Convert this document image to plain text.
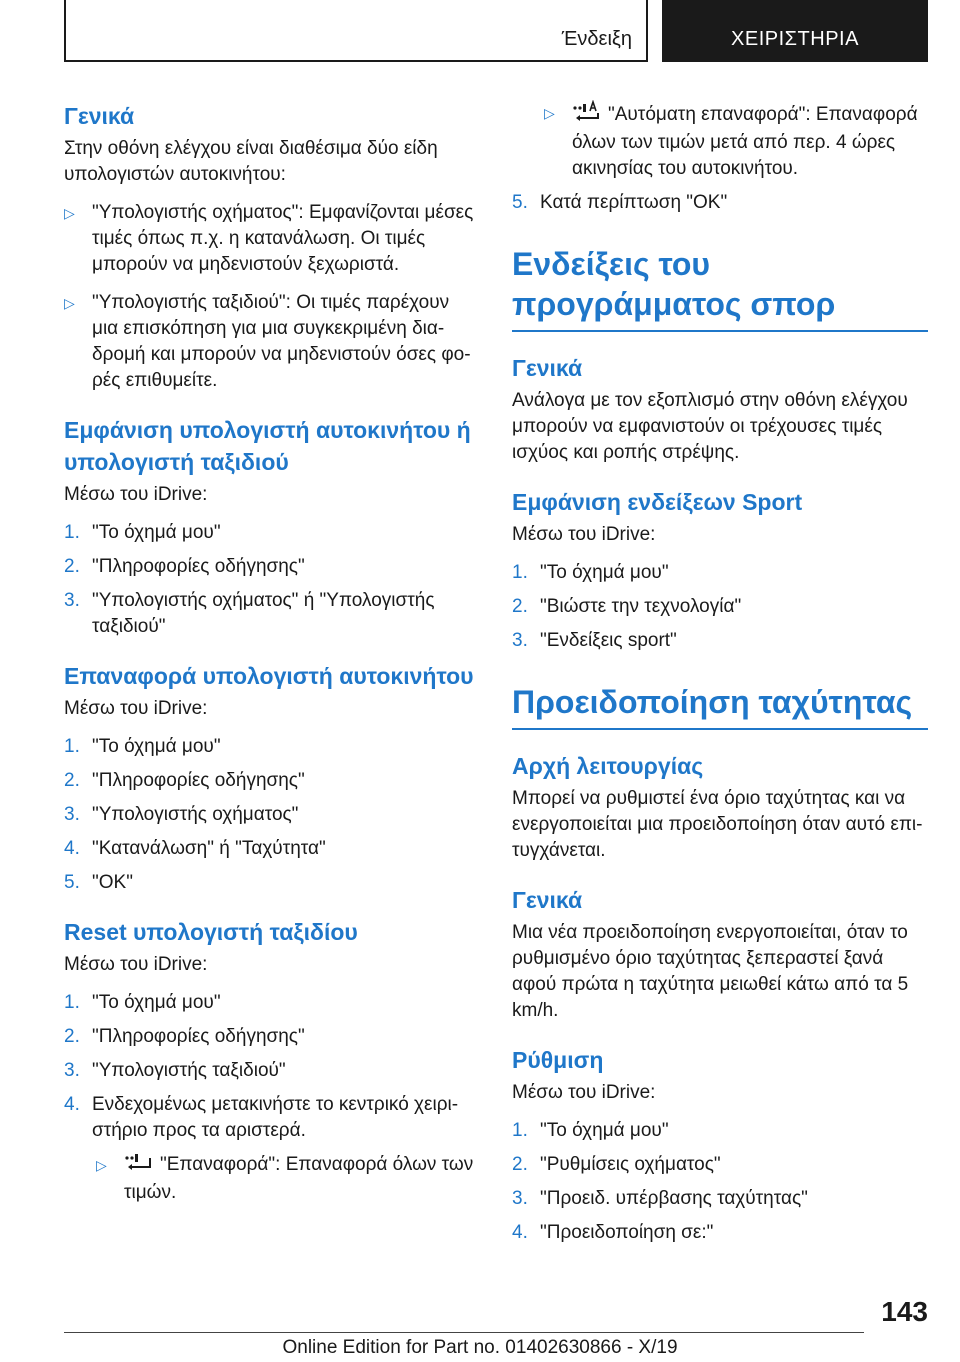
Ένδειξη	ΧΕΙΡΙΣΤΗΡΙΑ
Γενικά

Στην οθόνη ελέγχου είναι διαθέσιμα δύο είδη υπολογιστών αυτοκινήτου:

▷ "Υπολογιστής οχήματος": Εμφανίζονται μέσες τιμές όπως π.χ. η κατανάλωση. Οι τιμές μπορούν να μηδενιστούν ξεχωριστά.
▷ "Υπολογιστής ταξιδιού": Οι τιμές παρέχουν μια επισκόπηση για μια συγκεκριμένη διαδρομή και μπορούν να μηδενιστούν όσες φορές επιθυμείτε.
Εμφάνιση υπολογιστή αυτοκινήτου ή υπολογιστή ταξιδιού

Μέσω του iDrive:

1. "Το όχημά μου"
2. "Πληροφορίες οδήγησης"
3. "Υπολογιστής οχήματος" ή "Υπολογιστής ταξιδιού"
Επαναφορά υπολογιστή αυτοκινήτου

Μέσω του iDrive:

1. "Το όχημά μου"
2. "Πληροφορίες οδήγησης"
3. "Υπολογιστής οχήματος"
4. "Κατανάλωση" ή "Ταχύτητα"
5. "OK"
Reset υπολογιστή ταξιδίου

Μέσω του iDrive:

1. "Το όχημά μου"
2. "Πληροφορίες οδήγησης"
3. "Υπολογιστής ταξιδιού"
4. Ενδεχομένως μετακινήστε το κεντρικό χειριστήριο προς τα αριστερά.
▷	"Επαναφορά": Επαναφορά όλων των τιμών.
▷	"Αυτόματη επαναφορά": Επαναφορά όλων των τιμών μετά από περ. 4 ώρες ακινησίας του αυτοκινήτου.
5. Κατά περίπτωση "OK"
Ενδείξεις του προγράμματος σπορ
Γενικά

Ανάλογα με τον εξοπλισμό στην οθόνη ελέγχου μπορούν να εμφανιστούν οι τρέχουσες τιμές ισχύος και ροπής στρέψης.

Εμφάνιση ενδείξεων Sport

Μέσω του iDrive:

1. "Το όχημά μου"
2. "Βιώστε την τεχνολογία"
3. "Ενδείξεις sport"
Προειδοποίηση ταχύτητας
Αρχή λειτουργίας

Μπορεί να ρυθμιστεί ένα όριο ταχύτητας και να ενεργοποιείται μια προειδοποίηση όταν αυτό επιτυγχάνεται.

Γενικά

Μια νέα προειδοποίηση ενεργοποιείται, όταν το ρυθμισμένο όριο ταχύτητας ξεπεραστεί ξανά αφού πρώτα η ταχύτητα μειωθεί κάτω από τα 5 km/h.

Ρύθμιση

Μέσω του iDrive:

1. "Το όχημά μου"
2. "Ρυθμίσεις οχήματος"
3. "Προειδ. υπέρβασης ταχύτητας"
4. "Προειδοποίηση σε:"
143
Online Edition for Part no. 01402630866 - X/19
